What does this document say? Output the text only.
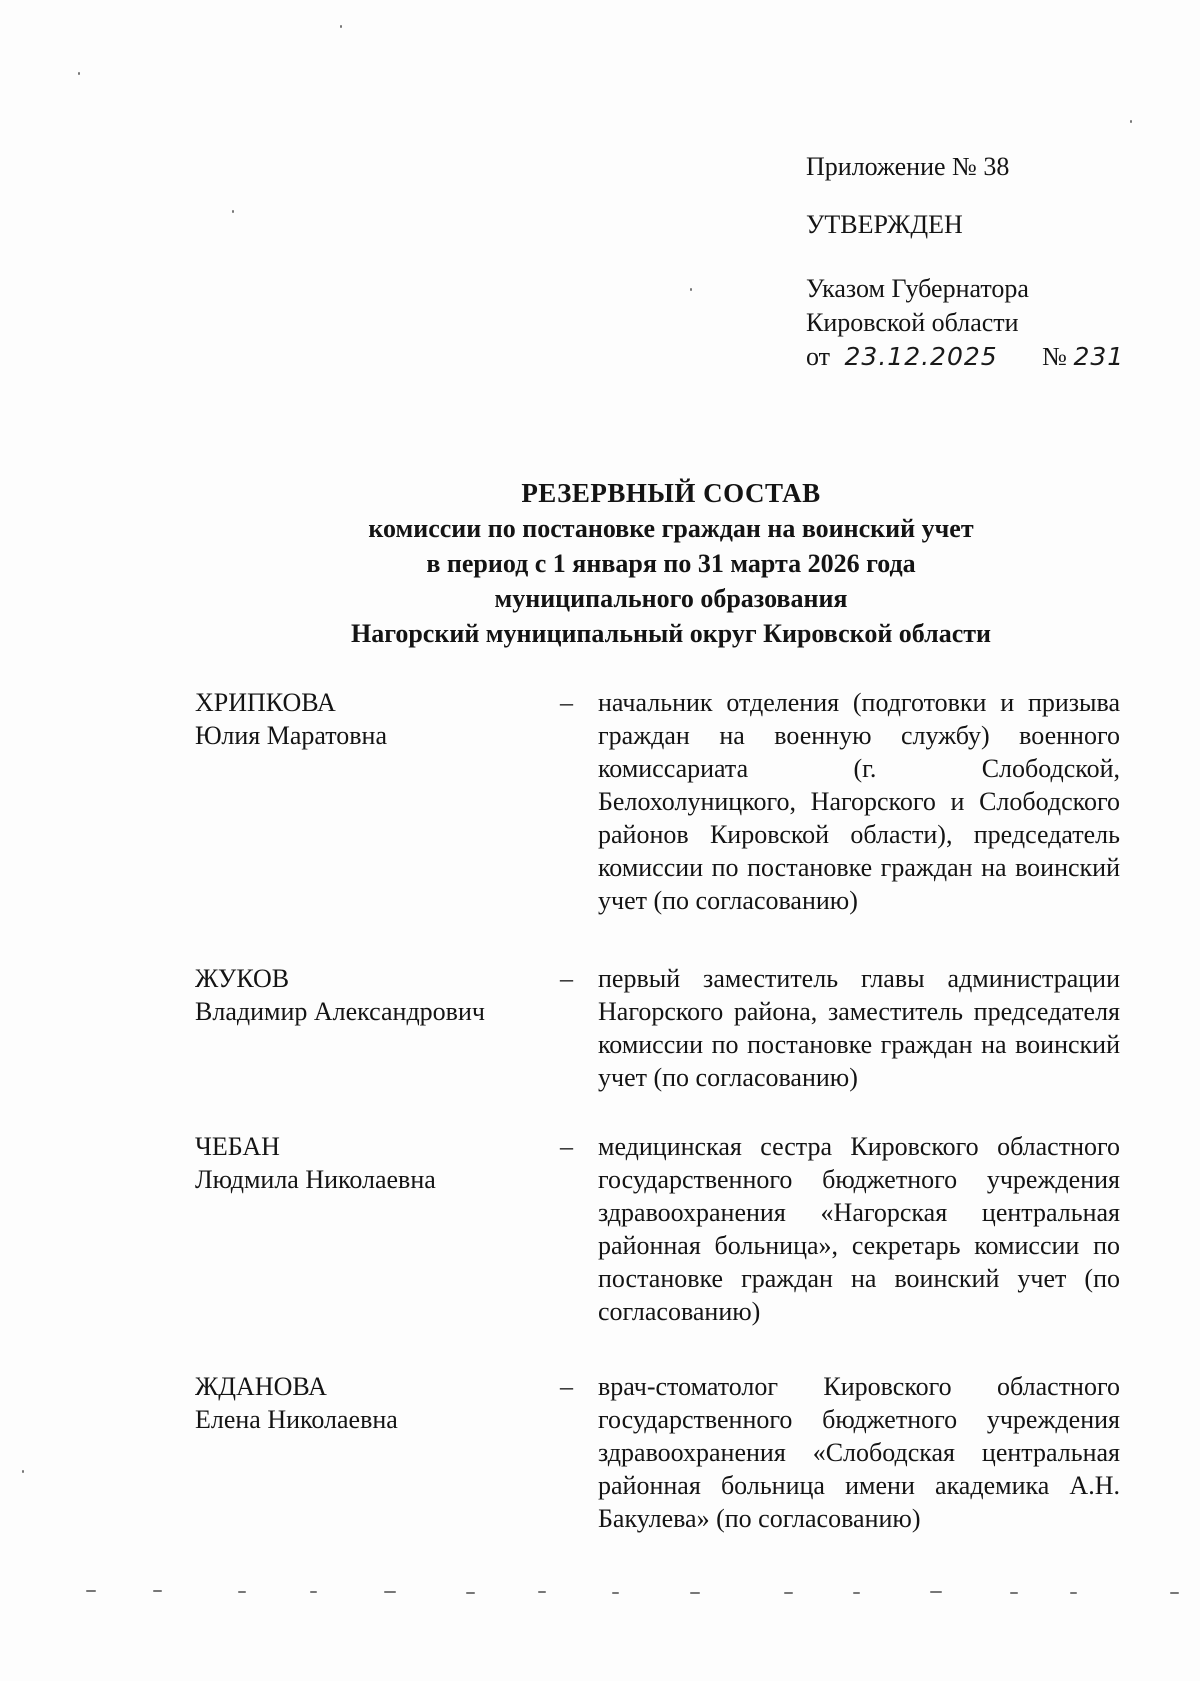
Приложение № 38
УТВЕРЖДЕН
Указом Губернатора
Кировской области
от 23.12.2025 № 231
РЕЗЕРВНЫЙ СОСТАВ
комиссии по постановке граждан на воинский учет
в период с 1 января по 31 марта 2026 года
муниципального образования
Нагорский муниципальный округ Кировской области
ХРИПКОВА
Юлия Маратовна
– начальник отделения (подготовки и призыва граждан на военную службу) военного комиссариата (г. Слободской, Белохолуницкого, Нагорского и Слободского районов Кировской области), председатель комиссии по постановке граждан на воинский учет (по согласованию)
ЖУКОВ
Владимир Александрович
– первый заместитель главы администрации Нагорского района, заместитель председателя комиссии по постановке граждан на воинский учет (по согласованию)
ЧЕБАН
Людмила Николаевна
– медицинская сестра Кировского областного государственного бюджетного учреждения здравоохранения «Нагорская центральная районная больница», секретарь комиссии по постановке граждан на воинский учет (по согласованию)
ЖДАНОВА
Елена Николаевна
– врач-стоматолог Кировского областного государственного бюджетного учреждения здравоохранения «Слободская центральная районная больница имени академика А.Н. Бакулева» (по согласованию)
